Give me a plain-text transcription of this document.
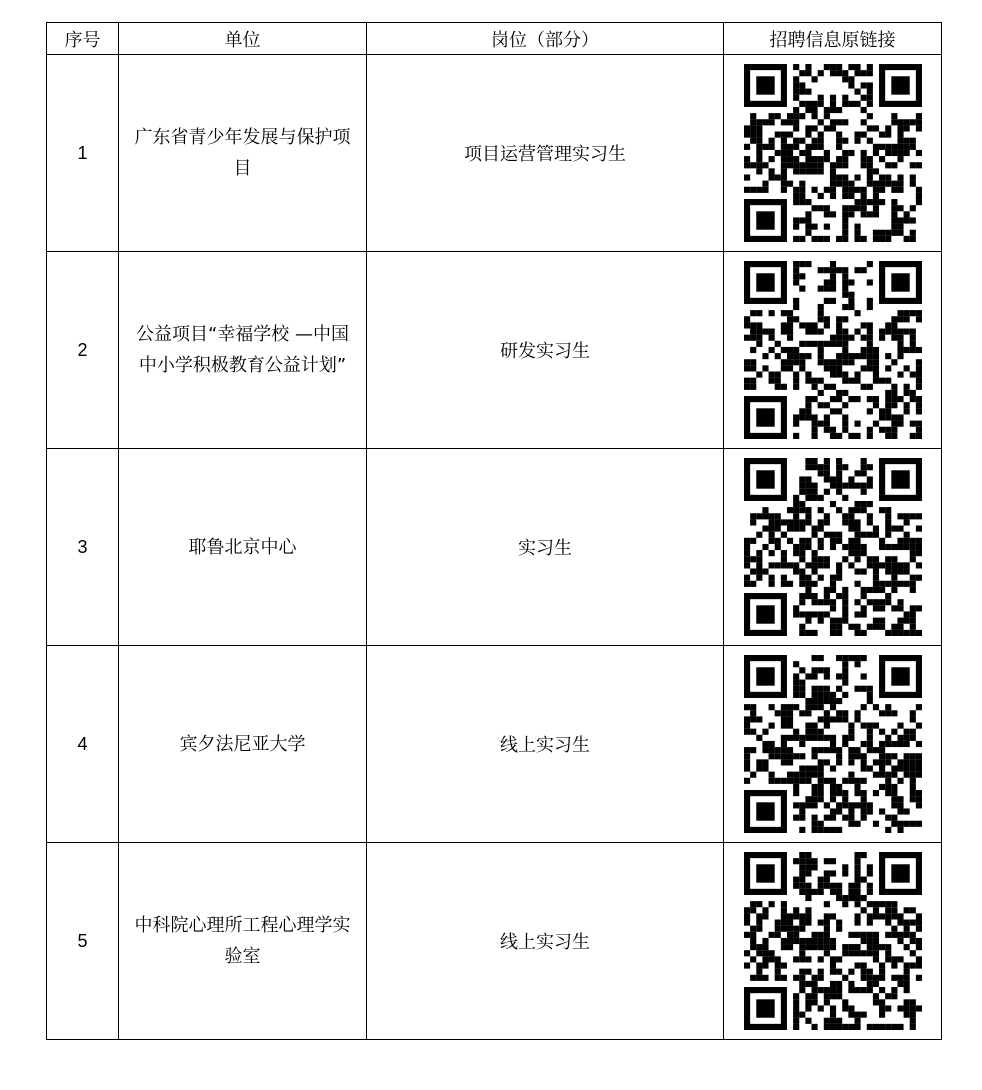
序号	单位	岗位（部分）	招聘信息原链接
1	广东省青少年发展与保护项目	项目运营管理实习生	

2	公益项目“幸福学校 —中国中小学积极教育公益计划”	研发实习生	

3	耶鲁北京中心	实习生	

4	宾夕法尼亚大学	线上实习生	

5	中科院心理所工程心理学实验室	线上实习生	
